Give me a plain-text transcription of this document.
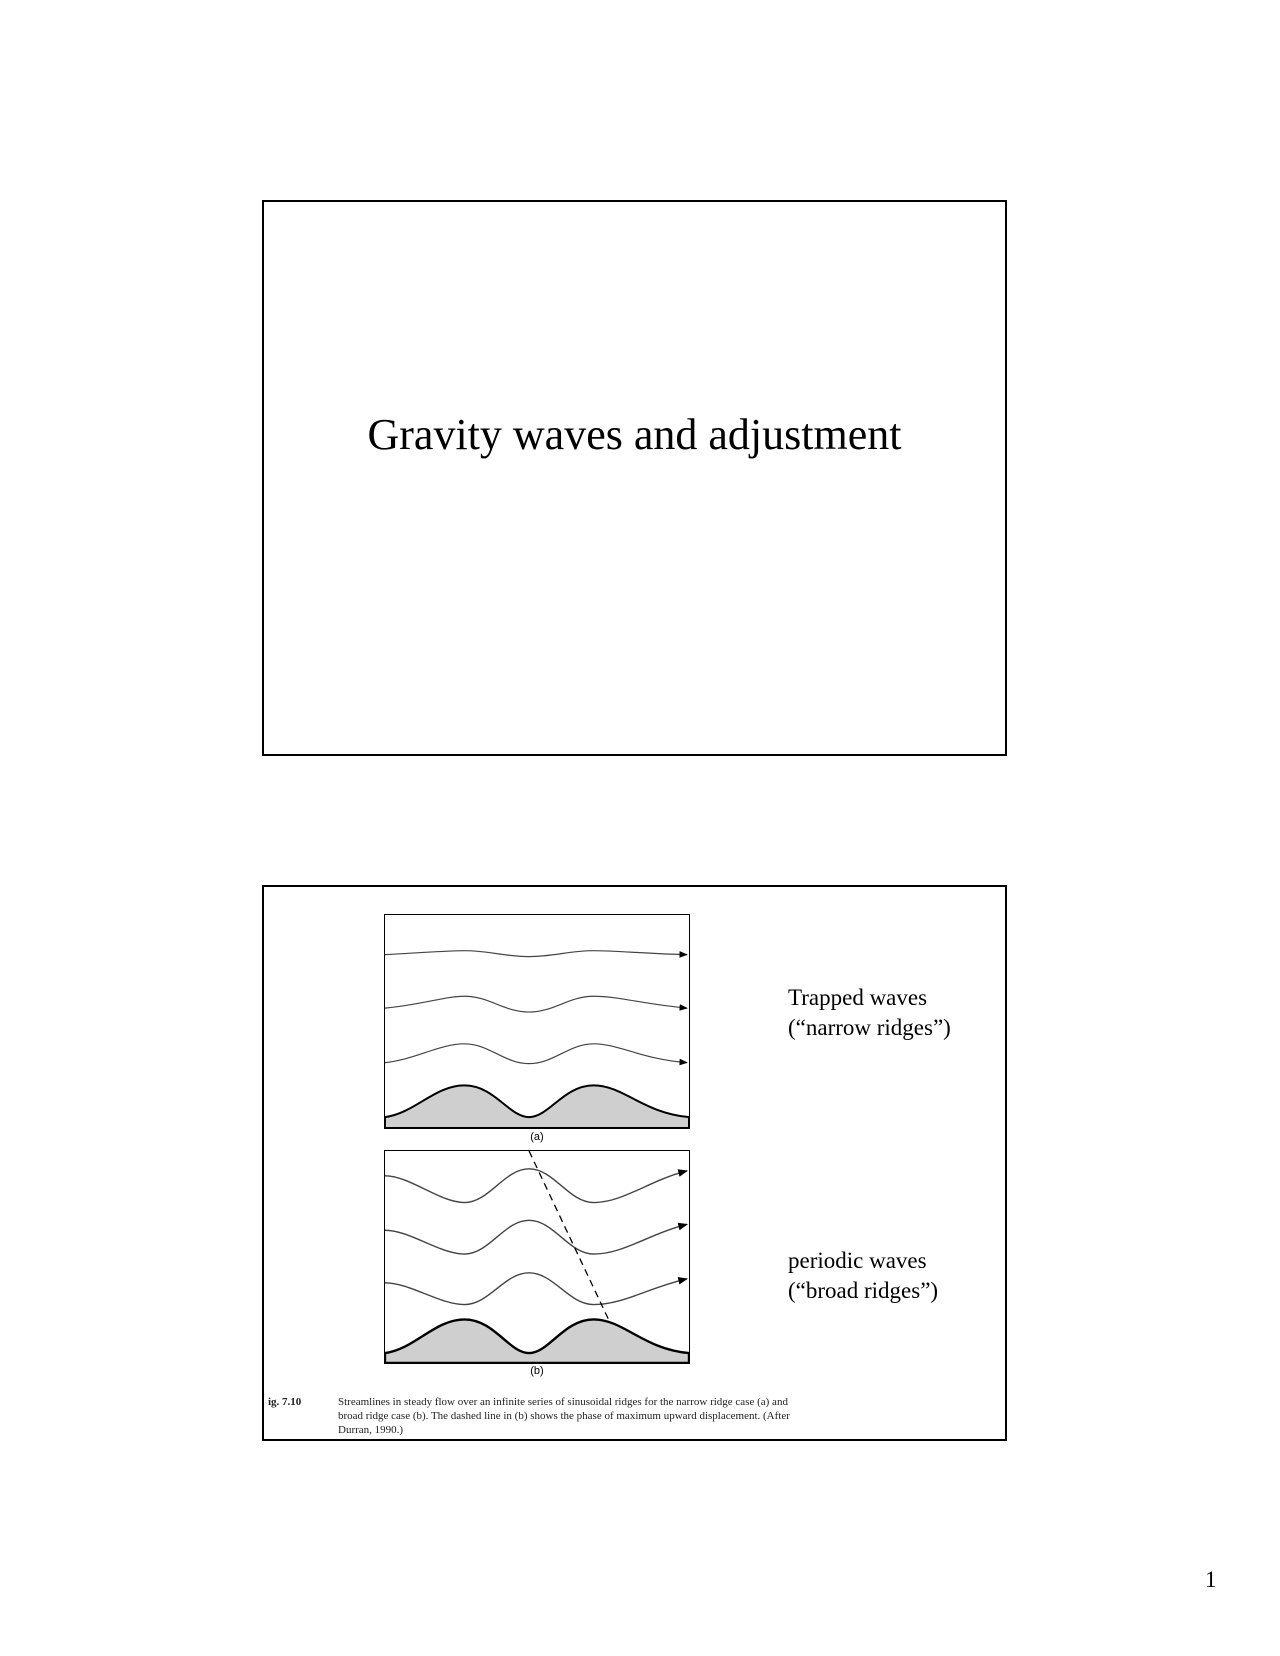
Gravity waves and adjustment
(a)
(b)
Trapped waves
(“narrow ridges”)
periodic waves
(“broad ridges”)
ig. 7.10	Streamlines in steady flow over an infinite series of sinusoidal ridges for the narrow ridge case (a) and broad ridge case (b). The dashed line in (b) shows the phase of maximum upward displacement. (After Durran, 1990.)
1
